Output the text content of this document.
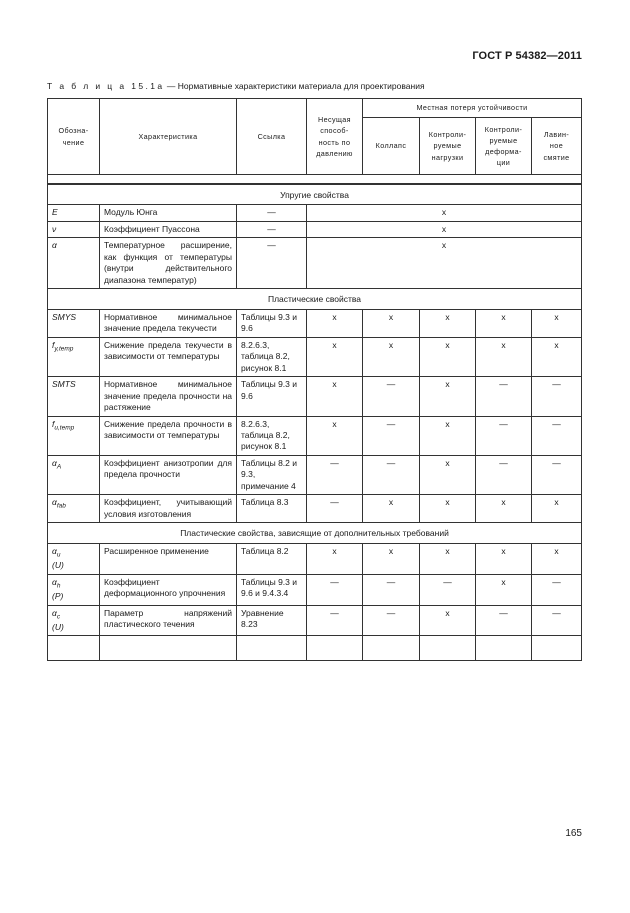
ГОСТ Р 54382—2011
Т а б л и ц а 15.1а — Нормативные характеристики материала для проектирования
Обозна-
чение	Характеристика	Ссылка	Несущая
способ-
ность по
давлению	Местная потеря устойчивости			
				Коллапс	Контроли-
руемые
нагрузки	Контроли-
руемые
деформа-
ции	Лавин-
ное
смятие

Упругие свойства							
E	Модуль Юнга	—	x				
ν	Коэффициент Пуассона	—	x				
α	Температурное расширение, как функция от температуры (внутри действительного диапазона температур)	—	x				
Пластические свойства							
SMYS	Нормативное минимальное значение предела текучести	Таблицы 9.3 и 9.6	x	x	x	x	x
$f_{y,temp}$	Снижение предела текучести в зависимости от температуры	8.2.6.3, таблица 8.2, рисунок 8.1	x	x	x	x	x
SMTS	Нормативное минимальное значение предела прочности на растяжение	Таблицы 9.3 и 9.6	x	—	x	—	—
$f_{u,temp}$	Снижение предела прочности в зависимости от температуры	8.2.6.3, таблица 8.2, рисунок 8.1	x	—	x	—	—
$\alpha_A$	Коэффициент анизотропии для предела прочности	Таблицы 8.2 и 9.3, примечание 4	—	—	x	—	—
$\alpha_{fab}$	Коэффициент, учитывающий условия изготовления	Таблица 8.3	—	x	x	x	x
Пластические свойства, зависящие от дополнительных требований							
$\alpha_u$
(U)	Расширенное применение	Таблица 8.2	x	x	x	x	x
$\alpha_h$
(P)	Коэффициент деформационного упрочнения	Таблицы 9.3 и 9.6 и 9.4.3.4	—	—	—	x	—
$\alpha_c$
(U)	Параметр напряжений пластического течения	Уравнение 8.23	—	—	x	—	—

165
